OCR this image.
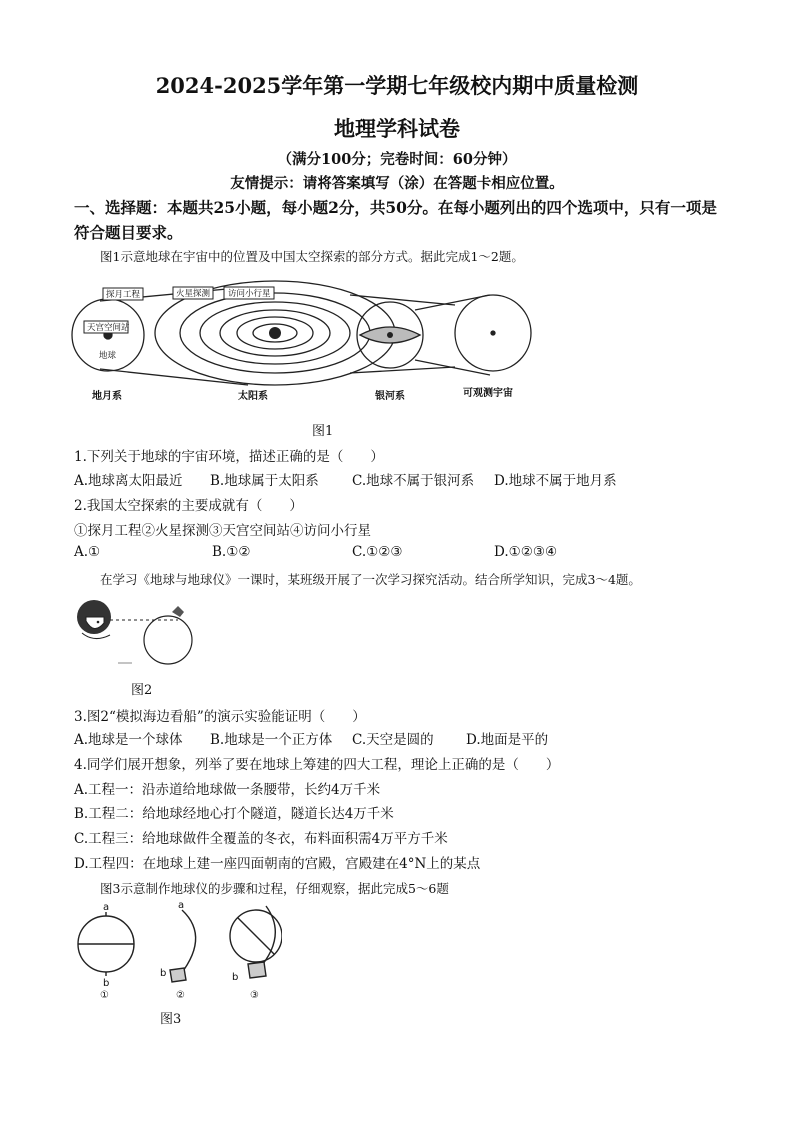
2024-2025学年第一学期七年级校内期中质量检测
地理学科试卷
（满分100分；完卷时间：60分钟）
友情提示：请将答案填写（涂）在答题卡相应位置。
一、选择题：本题共25小题，每小题2分，共50分。在每小题列出的四个选项中，只有一项是符合题目要求。
图1示意地球在宇宙中的位置及中国太空探索的部分方式。据此完成1～2题。
探月工程
天宫空间站
地球
火星探测 访问小行星
地月系	太阳系	银河系	可观测宇宙
图1
1.下列关于地球的宇宙环境，描述正确的是（　　）
A.地球离太阳最近 B.地球属于太阳系 C.地球不属于银河系 D.地球不属于地月系
2.我国太空探索的主要成就有（　　）
①探月工程②火星探测③天宫空间站④访问小行星
A.①	B.①②	C.①②③	D.①②③④
在学习《地球与地球仪》一课时，某班级开展了一次学习探究活动。结合所学知识，完成3～4题。
图2
3.图2“模拟海边看船”的演示实验能证明（　　）
A.地球是一个球体 B.地球是一个正方体 C.天空是圆的 D.地面是平的
4.同学们展开想象，列举了要在地球上筹建的四大工程，理论上正确的是（　　）
A.工程一：沿赤道给地球做一条腰带，长约4万千米
B.工程二：给地球经地心打个隧道，隧道长达4万千米
C.工程三：给地球做件全覆盖的冬衣，布料面积需4万平方千米
D.工程四：在地球上建一座四面朝南的宫殿，宫殿建在4°N上的某点
图3示意制作地球仪的步骤和过程，仔细观察，据此完成5～6题
a
b
a
b	b
①	②	③
图3
